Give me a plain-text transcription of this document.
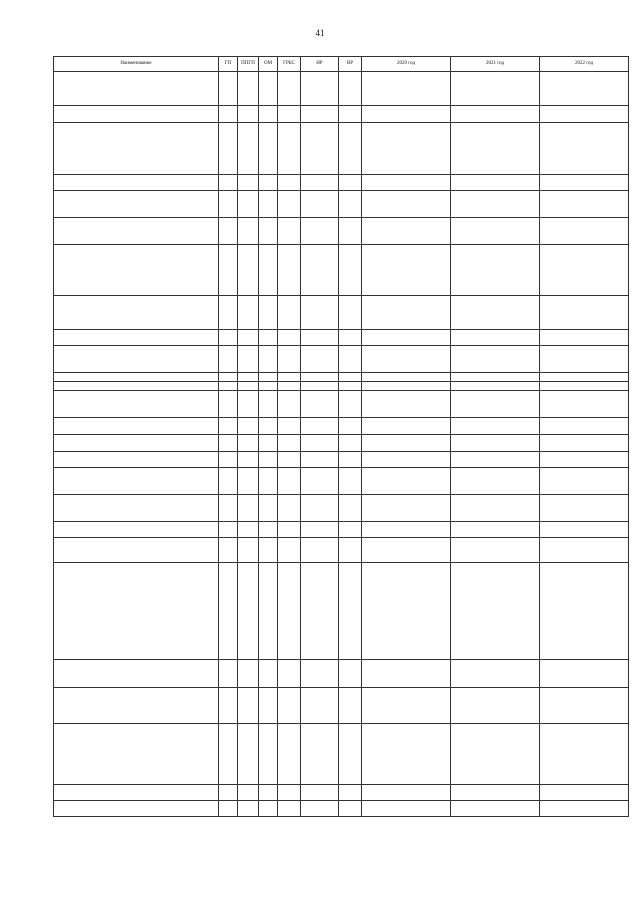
41
Наименование	ГП	ППГП	ОМ	ГРБС	НР	ВР	2020 год	2021 год	2022 год
